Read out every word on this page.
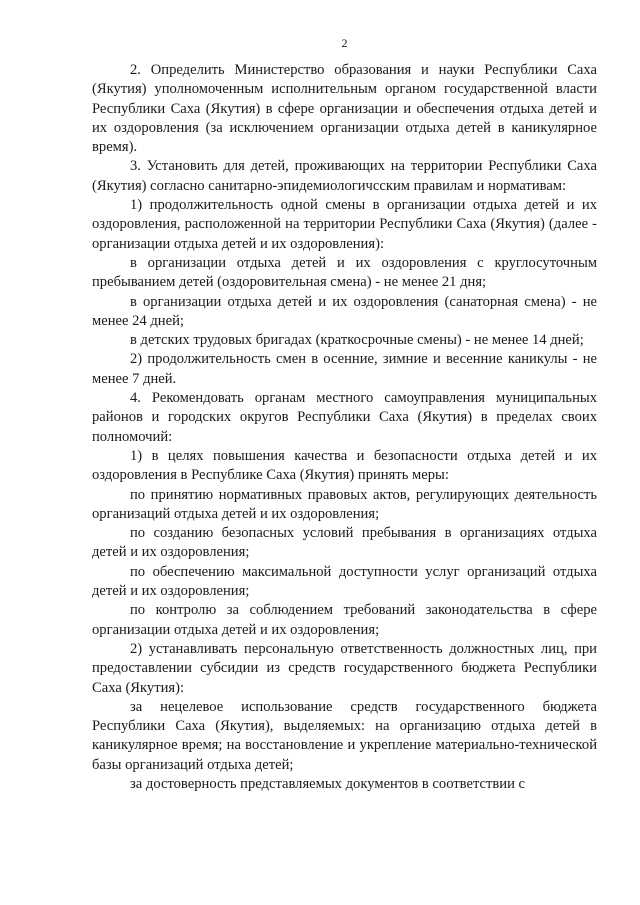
2

2. Определить Министерство образования и науки Республики Саха (Якутия) уполномоченным исполнительным органом государственной власти Республики Саха (Якутия) в сфере организации и обеспечения отдыха детей и их оздоровления (за исключением организации отдыха детей в каникулярное время).

3. Установить для детей, проживающих на территории Республики Саха (Якутия) согласно санитарно-эпидемиологичсским правилам и нормативам:

1) продолжительность одной смены в организации отдыха детей и их оздоровления, расположенной на территории Республики Саха (Якутия) (далее - организации отдыха детей и их оздоровления):

в организации отдыха детей и их оздоровления с круглосуточным пребыванием детей (оздоровительная смена) - не менее 21 дня;

в организации отдыха детей и их оздоровления (санаторная смена) - не менее 24 дней;

в детских трудовых бригадах (краткосрочные смены) - не менее 14 дней;

2) продолжительность смен в осенние, зимние и весенние каникулы - не менее 7 дней.

4. Рекомендовать органам местного самоуправления муниципальных районов и городских округов Республики Саха (Якутия) в пределах своих полномочий:

1) в целях повышения качества и безопасности отдыха детей и их оздоровления в Республике Саха (Якутия) принять меры:

по принятию нормативных правовых актов, регулирующих деятельность организаций отдыха детей и их оздоровления;

по созданию безопасных условий пребывания в организациях отдыха детей и их оздоровления;

по обеспечению максимальной доступности услуг организаций отдыха детей и их оздоровления;

по контролю за соблюдением требований законодательства в сфере организации отдыха детей и их оздоровления;

2) устанавливать персональную ответственность должностных лиц, при предоставлении субсидии из средств государственного бюджета Республики Саха (Якутия):

за нецелевое использование средств государственного бюджета Республики Саха (Якутия), выделяемых: на организацию отдыха детей в каникулярное время; на восстановление и укрепление материально-технической базы организаций отдыха детей;

за достоверность представляемых документов в соответствии с
